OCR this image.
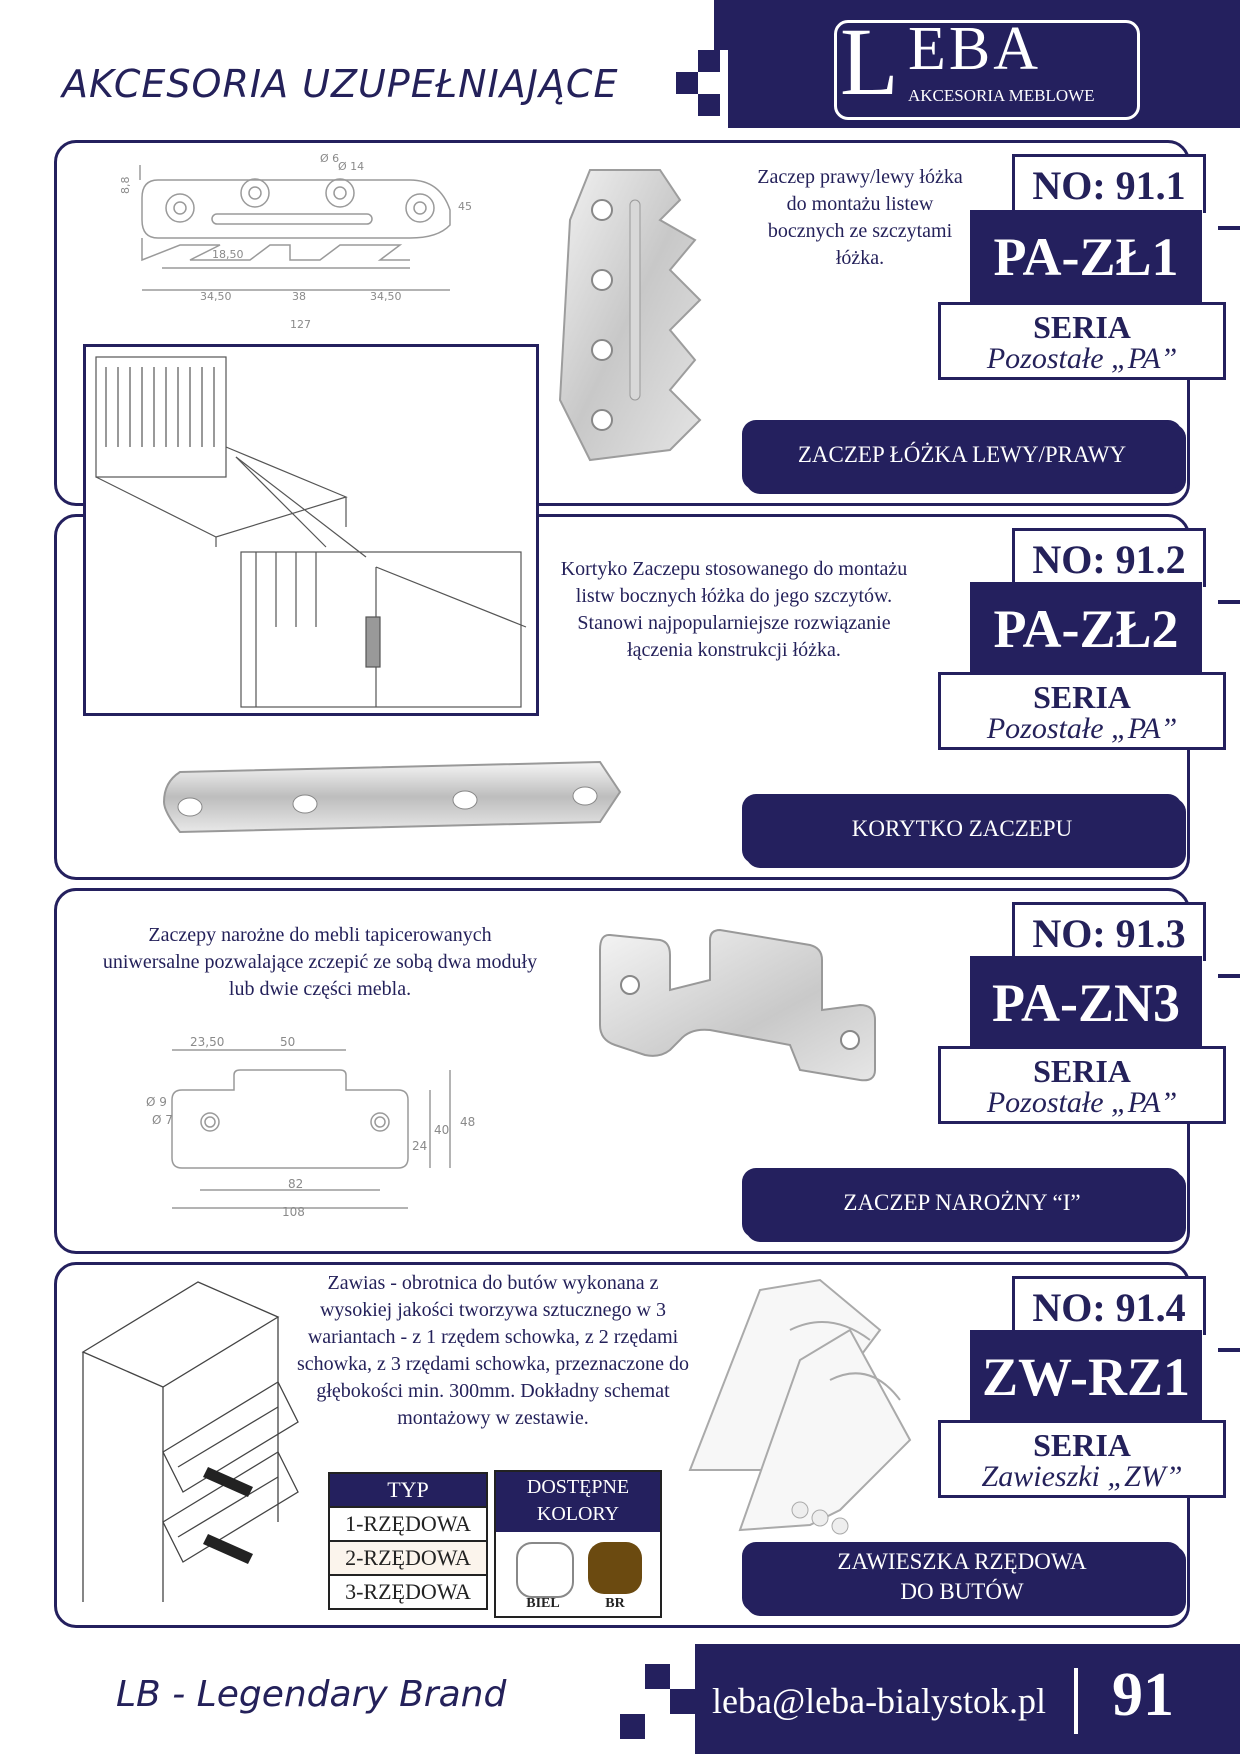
AKCESORIA UZUPEŁNIAJĄCE L EBA
AKCESORIA MEBLOWE
8,8
Ø 6
Ø 14
45
18,50
34,50	38	34,50
127
Zaczep prawy/lewy łóżka do montażu listew bocznych ze szczytami łóżka.
NO: 91.1
PA-ZŁ1
SERIA
Pozostałe „PA”
ZACZEP ŁÓŻKA LEWY/PRAWY
Kortyko Zaczepu stosowanego do montażu listw bocznych łóżka do jego szczytów. Stanowi najpopularniejsze rozwiązanie łączenia konstrukcji łóżka.
NO: 91.2
PA-ZŁ2
SERIA
Pozostałe „PA”
KORYTKO ZACZEPU
Zaczepy narożne do mebli tapicerowanych uniwersalne pozwalające zczepić ze sobą dwa moduły lub dwie części mebla.
NO: 91.3
PA-ZN3
SERIA
Pozostałe „PA”
ZACZEP NAROŻNY “I”
23,50	50
Ø 9
Ø 7
24
40
48
82
108
Zawias - obrotnica do butów wykonana z wysokiej jakości tworzywa sztucznego w 3 wariantach - z 1 rzędem schowka, z 2 rzędami schowka, z 3 rzędami schowka, przeznaczone do głębokości min. 300mm. Dokładny schemat montażowy w zestawie.
NO: 91.4
ZW-RZ1
SERIA
Zawieszki „ZW”
ZAWIESZKA RZĘDOWA
DO BUTÓW
TYP
1-RZĘDOWA
2-RZĘDOWA
3-RZĘDOWA
DOSTĘPNE
KOLORY
BIEL	BR
LB - Legendary Brand	leba@leba-bialystok.pl 91
